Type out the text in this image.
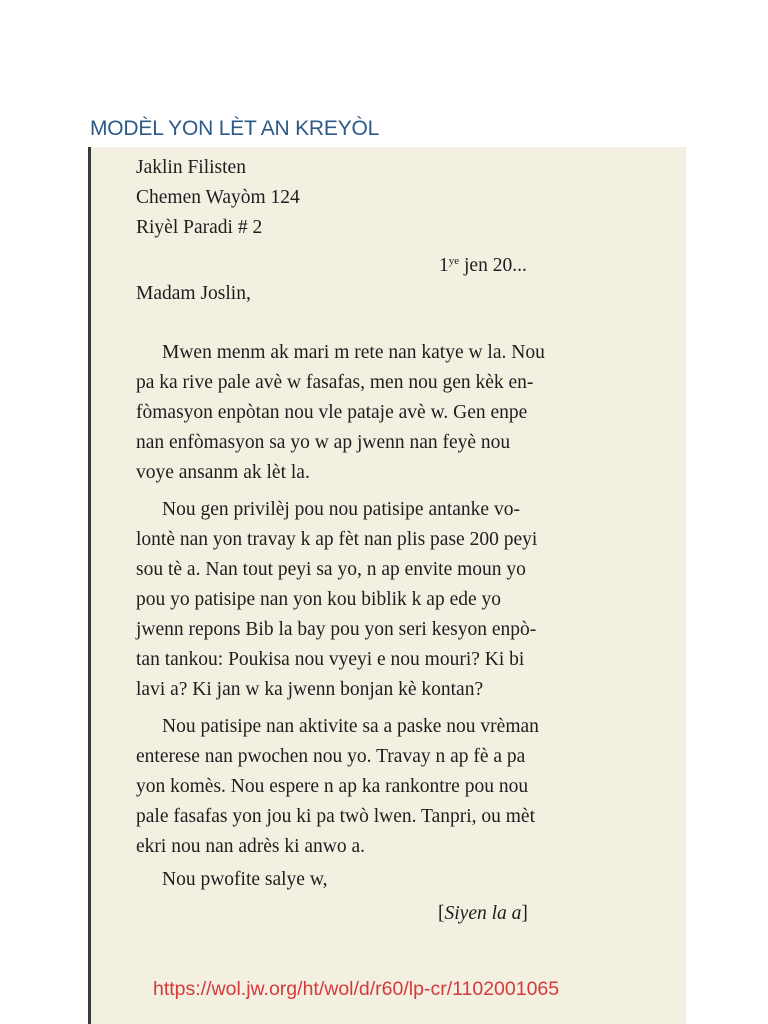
MODÈL YON LÈT AN KREYÒL
Jaklin Filisten
Chemen Wayòm 124
Riyèl Paradi # 2
$1^{ye}$ jen 20...
Madam Joslin,
Mwen menm ak mari m rete nan katye w la. Nou
pa ka rive pale avè w fasafas, men nou gen kèk en-
fòmasyon enpòtan nou vle pataje avè w. Gen enpe
nan enfòmasyon sa yo w ap jwenn nan feyè nou
voye ansanm ak lèt la.
Nou gen privilèj pou nou patisipe antanke vo-
lontè nan yon travay k ap fèt nan plis pase 200 peyi
sou tè a. Nan tout peyi sa yo, n ap envite moun yo
pou yo patisipe nan yon kou biblik k ap ede yo
jwenn repons Bib la bay pou yon seri kesyon enpò-
tan tankou: Poukisa nou vyeyi e nou mouri? Ki bi
lavi a? Ki jan w ka jwenn bonjan kè kontan?
Nou patisipe nan aktivite sa a paske nou vrèman
enterese nan pwochen nou yo. Travay n ap fè a pa
yon komès. Nou espere n ap ka rankontre pou nou
pale fasafas yon jou ki pa twò lwen. Tanpri, ou mèt
ekri nou nan adrès ki anwo a.
Nou pwofite salye w,
[Siyen la a]
https://wol.jw.org/ht/wol/d/r60/lp-cr/1102001065
